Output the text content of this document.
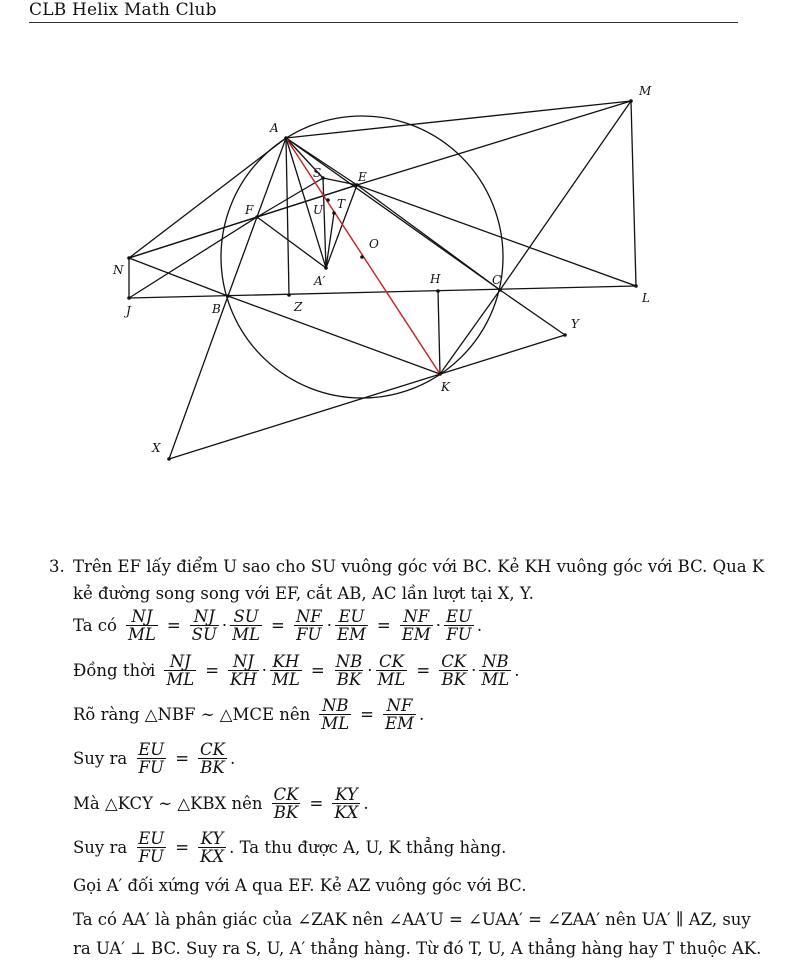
CLB Helix Math Club
A
M
S	E
U T
F
O
N
A′	H	C
L
J	B	Z
Y
K
X
3. Trên EF lấy điểm U sao cho SU vuông góc với BC. Kẻ KH vuông góc với BC. Qua K
kẻ đường song song với EF, cắt AB, AC lần lượt tại X, Y.
Ta có $\frac{NJ}{ML} = \frac{NJ}{SU} \cdot \frac{SU}{ML} = \frac{NF}{FU} \cdot \frac{EU}{EM} = \frac{NF}{EM} \cdot \frac{EU}{FU}$ .
Đồng thời $\frac{NJ}{ML} = \frac{NJ}{KH} \cdot \frac{KH}{ML} = \frac{NB}{BK} \cdot \frac{CK}{ML} = \frac{CK}{BK} \cdot \frac{NB}{ML}$ .
Rõ ràng △NBF ∼ △MCE nên $\frac{NB}{ML} = \frac{NF}{EM}$ .
Suy ra $\frac{EU}{FU} = \frac{CK}{BK}$ .
Mà △KCY ∼ △KBX nên $\frac{CK}{BK} = \frac{KY}{KX}$ .
Suy ra $\frac{EU}{FU} = \frac{KY}{KX}$ . Ta thu được A, U, K thẳng hàng.
Gọi A′ đối xứng với A qua EF. Kẻ AZ vuông góc với BC.
Ta có AA′ là phân giác của ∠ZAK nên ∠AA′U = ∠UAA′ = ∠ZAA′ nên UA′ ∥ AZ, suy
ra UA′ ⊥ BC. Suy ra S, U, A′ thẳng hàng. Từ đó T, U, A thẳng hàng hay T thuộc AK.
